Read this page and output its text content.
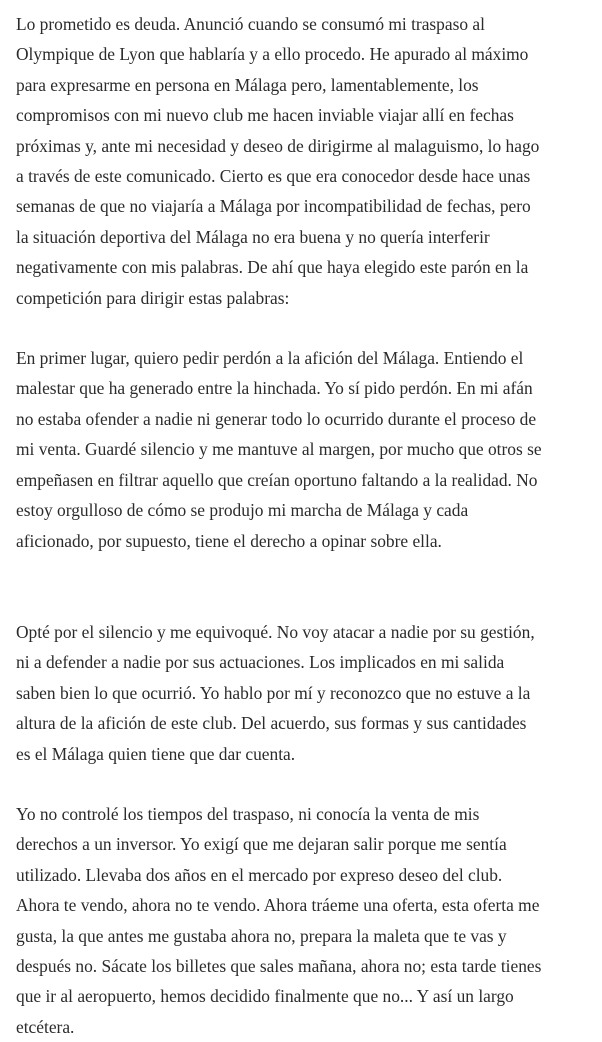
Lo prometido es deuda. Anunció cuando se consumó mi traspaso al
Olympique de Lyon que hablaría y a ello procedo. He apurado al máximo
para expresarme en persona en Málaga pero, lamentablemente, los
compromisos con mi nuevo club me hacen inviable viajar allí en fechas
próximas y, ante mi necesidad y deseo de dirigirme al malaguismo, lo hago
a través de este comunicado. Cierto es que era conocedor desde hace unas
semanas de que no viajaría a Málaga por incompatibilidad de fechas, pero
la situación deportiva del Málaga no era buena y no quería interferir
negativamente con mis palabras. De ahí que haya elegido este parón en la
competición para dirigir estas palabras:

En primer lugar, quiero pedir perdón a la afición del Málaga. Entiendo el
malestar que ha generado entre la hinchada. Yo sí pido perdón. En mi afán
no estaba ofender a nadie ni generar todo lo ocurrido durante el proceso de
mi venta. Guardé silencio y me mantuve al margen, por mucho que otros se
empeñasen en filtrar aquello que creían oportuno faltando a la realidad. No
estoy orgulloso de cómo se produjo mi marcha de Málaga y cada
aficionado, por supuesto, tiene el derecho a opinar sobre ella.

Opté por el silencio y me equivoqué. No voy atacar a nadie por su gestión,
ni a defender a nadie por sus actuaciones. Los implicados en mi salida
saben bien lo que ocurrió. Yo hablo por mí y reconozco que no estuve a la
altura de la afición de este club. Del acuerdo, sus formas y sus cantidades
es el Málaga quien tiene que dar cuenta.

Yo no controlé los tiempos del traspaso, ni conocía la venta de mis
derechos a un inversor. Yo exigí que me dejaran salir porque me sentía
utilizado. Llevaba dos años en el mercado por expreso deseo del club.
Ahora te vendo, ahora no te vendo. Ahora tráeme una oferta, esta oferta me
gusta, la que antes me gustaba ahora no, prepara la maleta que te vas y
después no. Sácate los billetes que sales mañana, ahora no; esta tarde tienes
que ir al aeropuerto, hemos decidido finalmente que no... Y así un largo
etcétera.
